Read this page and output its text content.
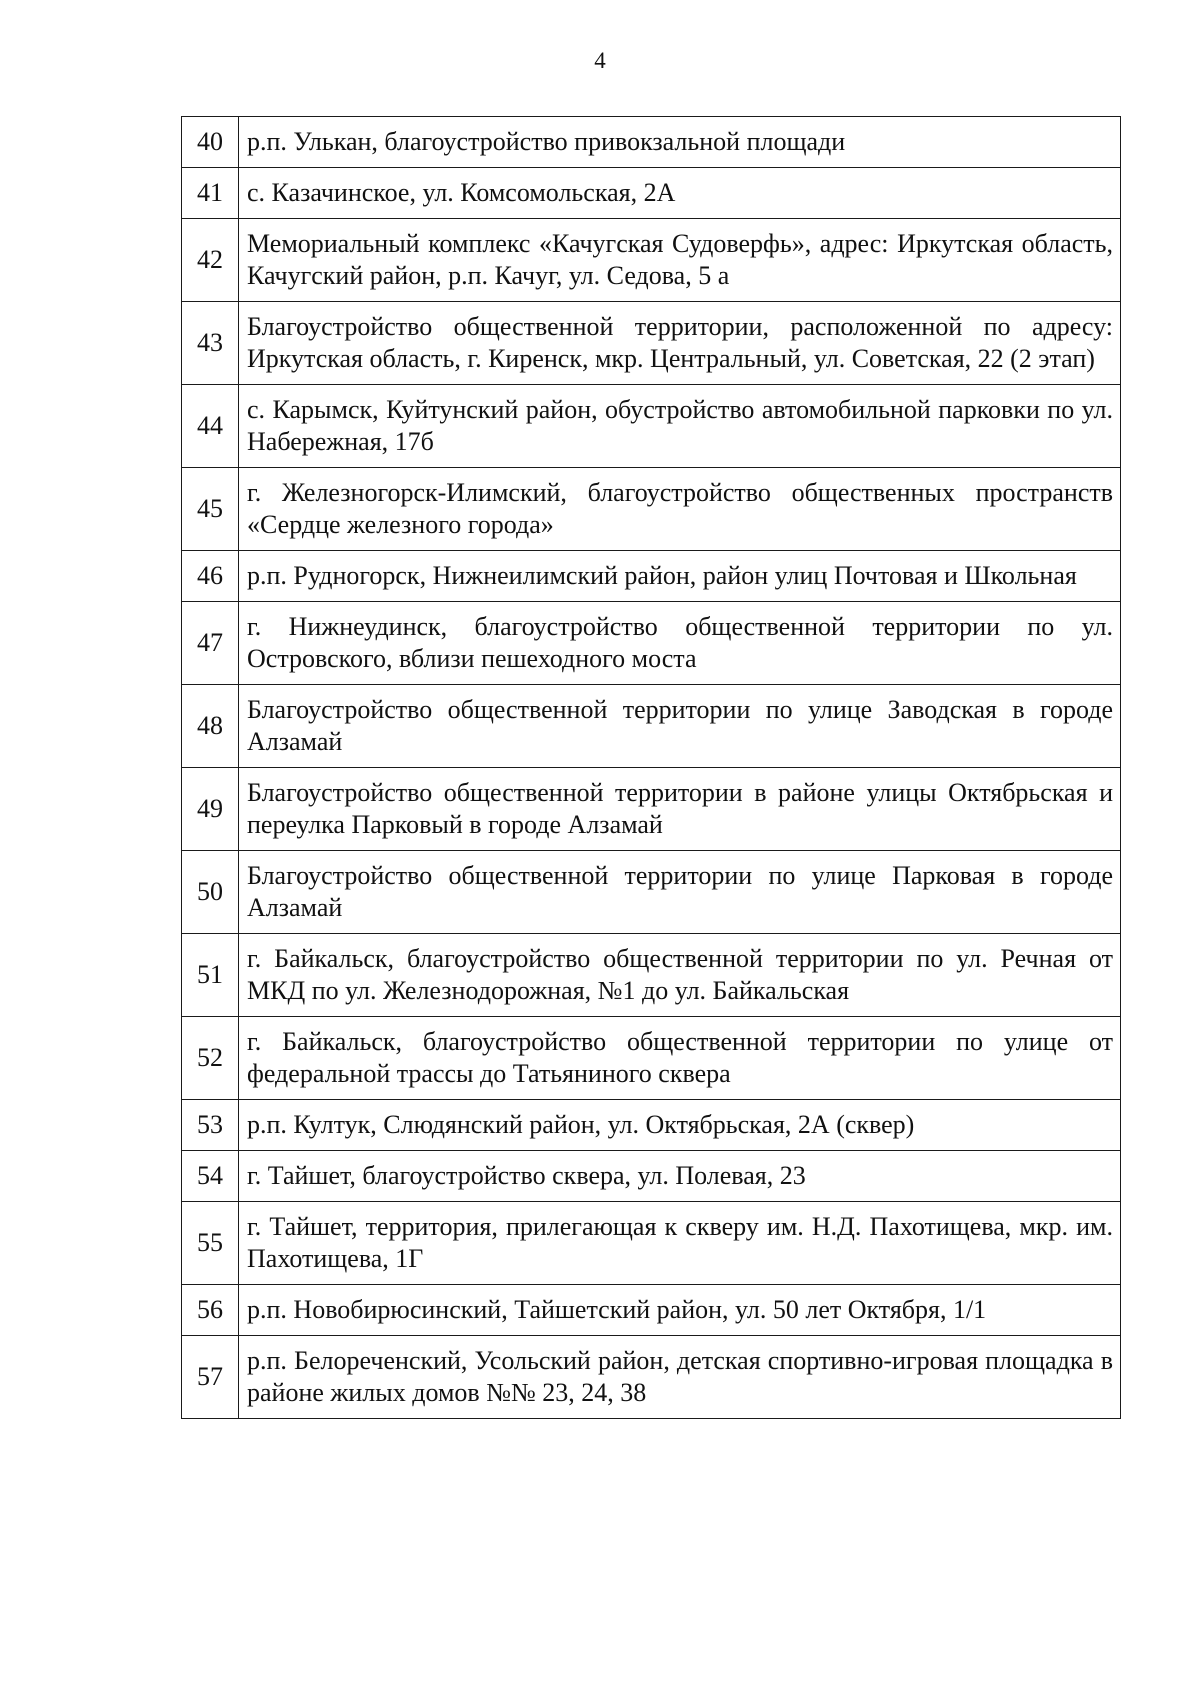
4
40	р.п. Улькан, благоустройство привокзальной площади
41	с. Казачинское, ул. Комсомольская, 2А
42	Мемориальный комплекс «Качугская Судоверфь», адрес: Иркутская область, Качугский район, р.п. Качуг, ул. Седова, 5 а
43	Благоустройство общественной территории, расположенной по адресу: Иркутская область, г. Киренск, мкр. Центральный, ул. Советская, 22 (2 этап)
44	с. Карымск, Куйтунский район, обустройство автомобильной парковки по ул. Набережная, 17б
45	г. Железногорск-Илимский, благоустройство общественных пространств «Сердце железного города»
46	р.п. Рудногорск, Нижнеилимский район, район улиц Почтовая и Школьная
47	г. Нижнеудинск, благоустройство общественной территории по ул. Островского, вблизи пешеходного моста
48	Благоустройство общественной территории по улице Заводская в городе Алзамай
49	Благоустройство общественной территории в районе улицы Октябрьская и переулка Парковый в городе Алзамай
50	Благоустройство общественной территории по улице Парковая в городе Алзамай
51	г. Байкальск, благоустройство общественной территории по ул. Речная от МКД по ул. Железнодорожная, №1 до ул. Байкальская
52	г. Байкальск, благоустройство общественной территории по улице от федеральной трассы до Татьяниного сквера
53	р.п. Култук, Слюдянский район, ул. Октябрьская, 2А (сквер)
54	г. Тайшет, благоустройство сквера, ул. Полевая, 23
55	г. Тайшет, территория, прилегающая к скверу им. Н.Д. Пахотищева, мкр. им. Пахотищева, 1Г
56	р.п. Новобирюсинский, Тайшетский район, ул. 50 лет Октября, 1/1
57	р.п. Белореченский, Усольский район, детская спортивно-игровая площадка в районе жилых домов №№ 23, 24, 38
